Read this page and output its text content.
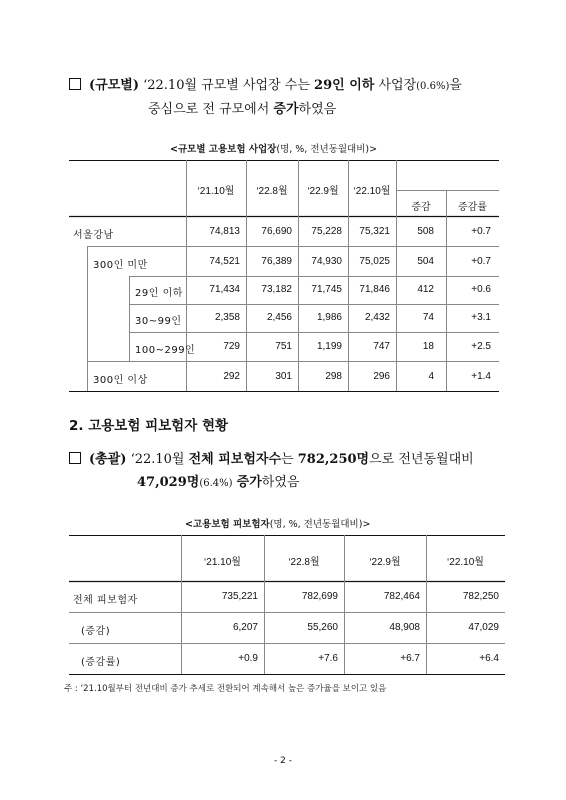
(규모별) ‘22.10월 규모별 사업장 수는 29인 이하 사업장(0.6%)을
중심으로 전 규모에서 증가하였음
<규모별 고용보험 사업장(명, %, 전년동월대비)>
‘21.10월	‘22.8월	‘22.9월	‘22.10월
증감	증감률
서울강남	74,813	76,690	75,228	75,321	508	+0.7
300인 미만	74,521	76,389	74,930	75,025	504	+0.7
29인 이하	71,434	73,182	71,745	71,846	412	+0.6
30~99인	2,358	2,456	1,986	2,432	74	+3.1
100~299인	729	751	1,199	747	18	+2.5
300인 이상	292	301	298	296	4	+1.4
2. 고용보험 피보험자 현황
(총괄) ‘22.10월 전체 피보험자수는 782,250명으로 전년동월대비
47,029명(6.4%) 증가하였음
<고용보험 피보험자(명, %, 전년동월대비)>
‘21.10월	‘22.8월	‘22.9월	‘22.10월
전체 피보험자	735,221	782,699	782,464	782,250
(증감)	6,207	55,260	48,908	47,029
(증감률)	+0.9	+7.6	+6.7	+6.4
주 : ‘21.10월부터 전년대비 증가 추세로 전환되어 계속해서 높은 증가율을 보이고 있음
- 2 -
